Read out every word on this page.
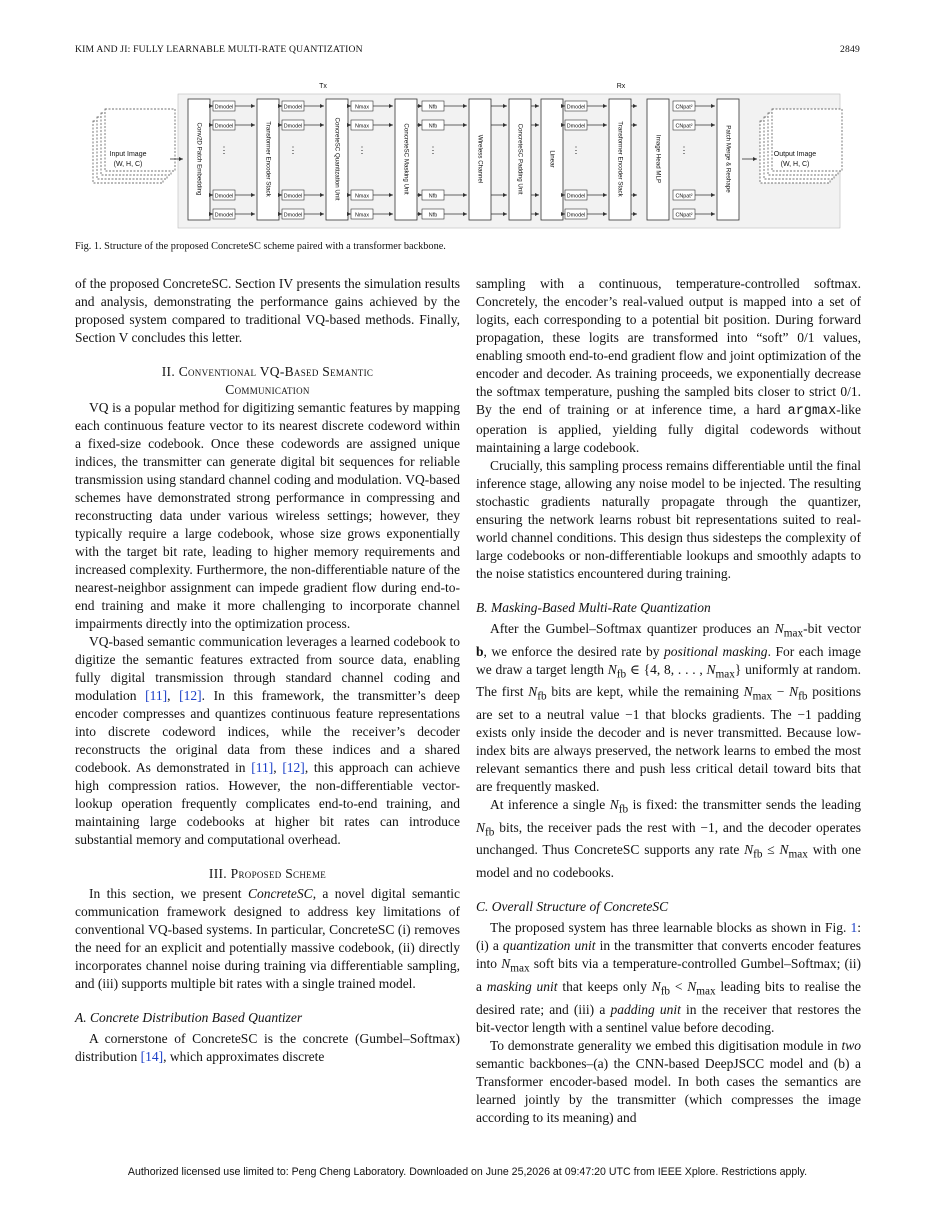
KIM AND JI: FULLY LEARNABLE MULTI-RATE QUANTIZATION	2849
Tx	Rx
Input Image
(W, H, C)
Output Image
(W, H, C)
Conv2D Patch Embedding	Transformer Encoder Stack	ConcreteSC Quantization Unit	ConcreteSC Masking Unit	Wireless Channel	ConcreteSC Padding Unit	Linear	Transformer Encoder Stack	Image Head MLP	Patch Merge & Reshape
Dmodel
Dmodel
Dmodel
Dmodel
⋮
Dmodel
Dmodel
Dmodel
Dmodel
⋮
Nmax
Nmax
Nmax
Nmax
⋮
Nfb
Nfb
Nfb
Nfb
⋮
Dmodel
Dmodel
Dmodel
Dmodel
⋮
CNpat²
CNpat²
CNpat²
CNpat²
⋮
Fig. 1. Structure of the proposed ConcreteSC scheme paired with a transformer backbone.

of the proposed ConcreteSC. Section IV presents the simulation results and analysis, demonstrating the performance gains achieved by the proposed system compared to traditional VQ-based methods. Finally, Section V concludes this letter.

II. Conventional VQ-Based Semantic

Communication

VQ is a popular method for digitizing semantic features by mapping each continuous feature vector to its nearest discrete codeword within a fixed-size codebook. Once these codewords are assigned unique indices, the transmitter can generate digital bit sequences for reliable transmission using standard channel coding and modulation. VQ-based schemes have demonstrated strong performance in compressing and reconstructing data under various wireless settings; however, they typically require a large codebook, whose size grows exponentially with the target bit rate, leading to higher memory requirements and increased complexity. Furthermore, the non-differentiable nature of the nearest-neighbor assignment can impede gradient flow during end-to-end training and make it more challenging to incorporate channel impairments directly into the optimization process.

VQ-based semantic communication leverages a learned codebook to digitize the semantic features extracted from source data, enabling fully digital transmission through standard channel coding and modulation [11], [12]. In this framework, the transmitter’s deep encoder compresses and quantizes continuous feature representations into discrete codeword indices, while the receiver’s decoder reconstructs the original data from these indices and a shared codebook. As demonstrated in [11], [12], this approach can achieve high compression ratios. However, the non-differentiable vector-lookup operation frequently complicates end-to-end training, and maintaining large codebooks at higher bit rates can introduce substantial memory and computational overhead.

III. Proposed Scheme

In this section, we present ConcreteSC, a novel digital semantic communication framework designed to address key limitations of conventional VQ-based systems. In particular, ConcreteSC (i) removes the need for an explicit and potentially massive codebook, (ii) directly incorporates channel noise during training via differentiable sampling, and (iii) supports multiple bit rates with a single trained model.

A. Concrete Distribution Based Quantizer

A cornerstone of ConcreteSC is the concrete (Gumbel–Softmax) distribution [14], which approximates discrete

sampling with a continuous, temperature-controlled softmax. Concretely, the encoder’s real-valued output is mapped into a set of logits, each corresponding to a potential bit position. During forward propagation, these logits are transformed into “soft” 0/1 values, enabling smooth end-to-end gradient flow and joint optimization of the encoder and decoder. As training proceeds, we exponentially decrease the softmax temperature, pushing the sampled bits closer to strict 0/1. By the end of training or at inference time, a hard argmax-like operation is applied, yielding fully digital codewords without maintaining a large codebook.

Crucially, this sampling process remains differentiable until the final inference stage, allowing any noise model to be injected. The resulting stochastic gradients naturally propagate through the quantizer, ensuring the network learns robust bit representations suited to real-world channel conditions. This design thus sidesteps the complexity of large codebooks or non-differentiable lookups and smoothly adapts to the noise statistics encountered during training.

B. Masking-Based Multi-Rate Quantization

After the Gumbel–Softmax quantizer produces an $N_{max}$-bit vector b, we enforce the desired rate by positional masking. For each image we draw a target length $N_{fb}$ ∈ {4, 8, . . . , $N_{max}$} uniformly at random. The first $N_{fb}$ bits are kept, while the remaining $N_{max} - N_{fb}$ positions are set to a neutral value −1 that blocks gradients. The −1 padding exists only inside the decoder and is never transmitted. Because low-index bits are always preserved, the network learns to embed the most relevant semantics there and push less critical detail toward bits that are frequently masked.

At inference a single $N_{fb}$ is fixed: the transmitter sends the leading $N_{fb}$ bits, the receiver pads the rest with −1, and the decoder operates unchanged. Thus ConcreteSC supports any rate $N_{fb} \le N_{max}$ with one model and no codebooks.

C. Overall Structure of ConcreteSC

The proposed system has three learnable blocks as shown in Fig. 1: (i) a quantization unit in the transmitter that converts encoder features into $N_{max}$ soft bits via a temperature-controlled Gumbel–Softmax; (ii) a masking unit that keeps only $N_{fb} < N_{max}$ leading bits to realise the desired rate; and (iii) a padding unit in the receiver that restores the bit-vector length with a sentinel value before decoding.

To demonstrate generality we embed this digitisation module in two semantic backbones–(a) the CNN-based DeepJSCC model and (b) a Transformer encoder-based model. In both cases the semantics are learned jointly by the transmitter (which compresses the image according to its meaning) and

Authorized licensed use limited to: Peng Cheng Laboratory. Downloaded on June 25,2026 at 09:47:20 UTC from IEEE Xplore. Restrictions apply.
